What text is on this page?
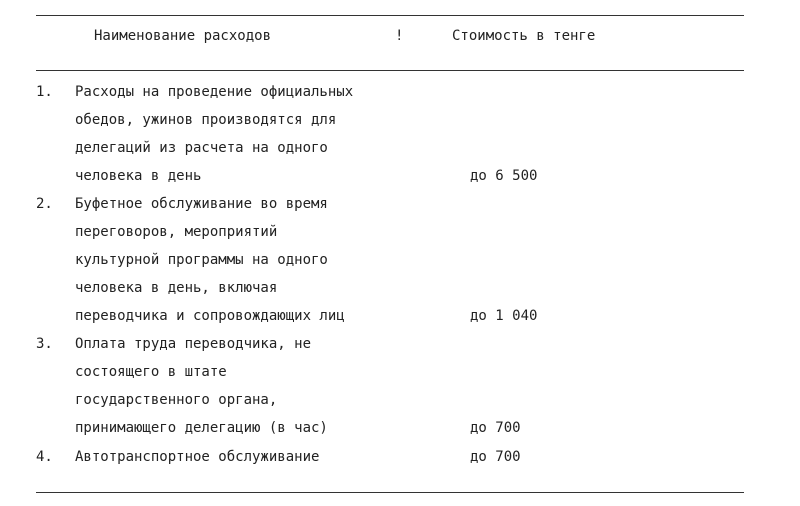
Наименование расходов	!	Стоимость в тенге
1. Расходы на проведение официальных
обедов, ужинов производятся для
делегаций из расчета на одного
человека в день	до 6 500
2. Буфетное обслуживание во время
переговоров, мероприятий
культурной программы на одного
человека в день, включая
переводчика и сопровождающих лиц	до 1 040
3. Оплата труда переводчика, не
состоящего в штате
государственного органа,
принимающего делегацию (в час)	до 700
4. Автотранспортное обслуживание	до 700
